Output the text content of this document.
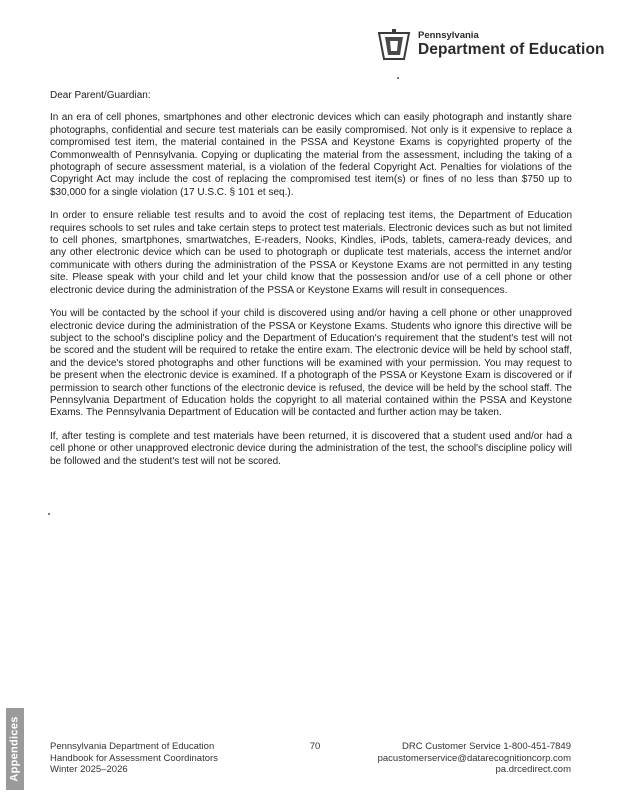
Pennsylvania
Department of Education

Dear Parent/Guardian:

In an era of cell phones, smartphones and other electronic devices which can easily photograph and instantly share photographs, confidential and secure test materials can be easily compromised. Not only is it expensive to replace a compromised test item, the material contained in the PSSA and Keystone Exams is copyrighted property of the Commonwealth of Pennsylvania. Copying or duplicating the material from the assessment, including the taking of a photograph of secure assessment material, is a violation of the federal Copyright Act. Penalties for violations of the Copyright Act may include the cost of replacing the compromised test item(s) or fines of no less than $750 up to $30,000 for a single violation (17 U.S.C. § 101 et seq.).

In order to ensure reliable test results and to avoid the cost of replacing test items, the Department of Education requires schools to set rules and take certain steps to protect test materials. Electronic devices such as but not limited to cell phones, smartphones, smartwatches, E-readers, Nooks, Kindles, iPods, tablets, camera-ready devices, and any other electronic device which can be used to photograph or duplicate test materials, access the internet and/or communicate with others during the administration of the PSSA or Keystone Exams are not permitted in any testing site. Please speak with your child and let your child know that the possession and/or use of a cell phone or other electronic device during the administration of the PSSA or Keystone Exams will result in consequences.

You will be contacted by the school if your child is discovered using and/or having a cell phone or other unapproved electronic device during the administration of the PSSA or Keystone Exams. Students who ignore this directive will be subject to the school's discipline policy and the Department of Education's requirement that the student's test will not be scored and the student will be required to retake the entire exam. The electronic device will be held by school staff, and the device's stored photographs and other functions will be examined with your permission. You may request to be present when the electronic device is examined. If a photograph of the PSSA or Keystone Exam is discovered or if permission to search other functions of the electronic device is refused, the device will be held by the school staff. The Pennsylvania Department of Education holds the copyright to all material contained within the PSSA and Keystone Exams. The Pennsylvania Department of Education will be contacted and further action may be taken.

If, after testing is complete and test materials have been returned, it is discovered that a student used and/or had a cell phone or other unapproved electronic device during the administration of the test, the school's discipline policy will be followed and the student's test will not be scored.

Appendices	Pennsylvania Department of Education
Handbook for Assessment Coordinators
Winter 2025–2026
70	DRC Customer Service 1-800-451-7849
pacustomerservice@datarecognitioncorp.com
pa.drcedirect.com
